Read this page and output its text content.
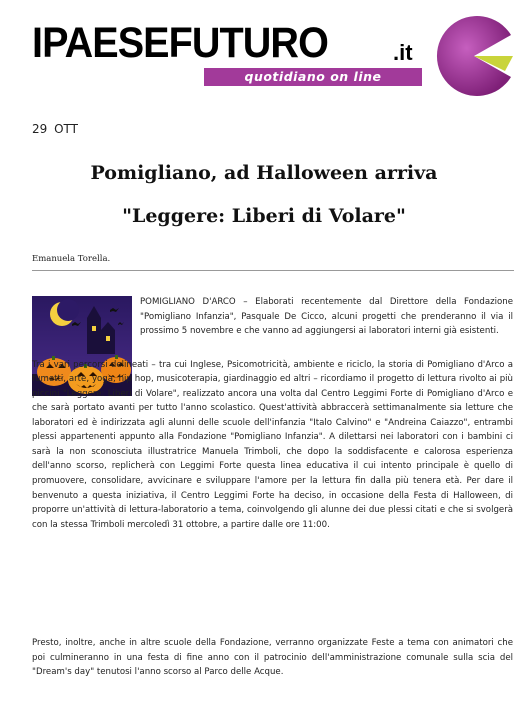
IPAESEFUTURO	.it
quotidiano on line
29 OTT
Pomigliano, ad Halloween arriva
"Leggere: Liberi di Volare"
Emanuela Torella.

POMIGLIANO D'ARCO – Elaborati recentemente dal Direttore della Fondazione "Pomigliano Infanzia", Pasquale De Cicco, alcuni progetti che prenderanno il via il prossimo 5 novembre e che vanno ad aggiungersi ai laboratori interni già esistenti.

Tra i vari percorsi delineati – tra cui Inglese, Psicomotricità, ambiente e riciclo, la storia di Pomigliano d'Arco a fumetti, arte, yoga, hip hop, musicoterapia, giardinaggio ed altri – ricordiamo il progetto di lettura rivolto ai più piccini "Leggere: Liberi di Volare", realizzato ancora una volta dal Centro Leggimi Forte di Pomigliano d'Arco e che sarà portato avanti per tutto l'anno scolastico. Quest'attività abbraccerà settimanalmente sia letture che laboratori ed è indirizzata agli alunni delle scuole dell'infanzia "Italo Calvino" e "Andreina Caiazzo", entrambi plessi appartenenti appunto alla Fondazione "Pomigliano Infanzia". A dilettarsi nei laboratori con i bambini ci sarà la non sconosciuta illustratrice Manuela Trimboli, che dopo la soddisfacente e calorosa esperienza dell'anno scorso, replicherà con Leggimi Forte questa linea educativa il cui intento principale è quello di promuovere, consolidare, avvicinare e sviluppare l'amore per la lettura fin dalla più tenera età. Per dare il benvenuto a questa iniziativa, il Centro Leggimi Forte ha deciso, in occasione della Festa di Halloween, di proporre un'attività di lettura-laboratorio a tema, coinvolgendo gli alunne dei due plessi citati e che si svolgerà con la stessa Trimboli mercoledì 31 ottobre, a partire dalle ore 11:00.

Presto, inoltre, anche in altre scuole della Fondazione, verranno organizzate Feste a tema con animatori che poi culmineranno in una festa di fine anno con il patrocinio dell'amministrazione comunale sulla scia del "Dream's day" tenutosi l'anno scorso al Parco delle Acque.
